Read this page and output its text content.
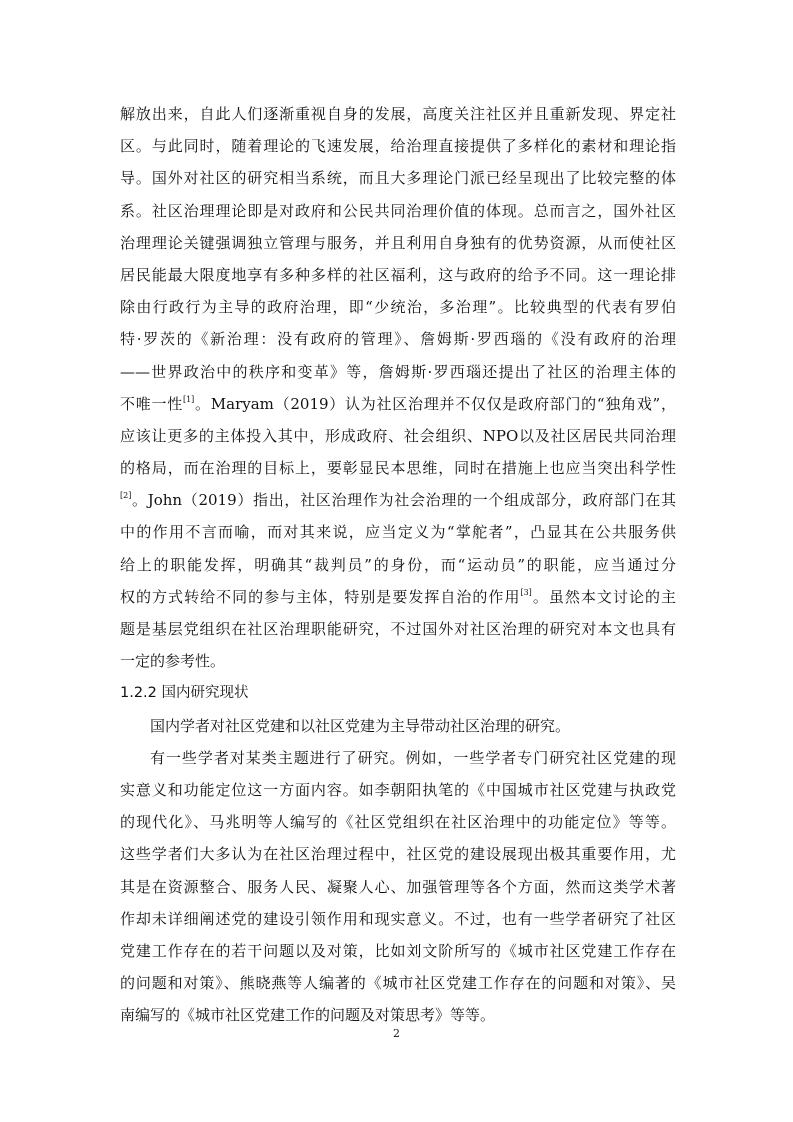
解放出来，自此人们逐渐重视自身的发展，高度关注社区并且重新发现、界定社
区。与此同时，随着理论的飞速发展，给治理直接提供了多样化的素材和理论指
导。国外对社区的研究相当系统，而且大多理论门派已经呈现出了比较完整的体
系。社区治理理论即是对政府和公民共同治理价值的体现。总而言之，国外社区
治理理论关键强调独立管理与服务，并且利用自身独有的优势资源，从而使社区
居民能最大限度地享有多种多样的社区福利，这与政府的给予不同。这一理论排
除由行政行为主导的政府治理，即“少统治，多治理”。比较典型的代表有罗伯
特·罗茨的《新治理：没有政府的管理》、詹姆斯·罗西瑙的《没有政府的治理
——世界政治中的秩序和变革》等，詹姆斯·罗西瑙还提出了社区的治理主体的
不唯一性[1]。Maryam（2019）认为社区治理并不仅仅是政府部门的“独角戏”，
应该让更多的主体投入其中，形成政府、社会组织、NPO以及社区居民共同治理
的格局，而在治理的目标上，要彰显民本思维，同时在措施上也应当突出科学性
[2]。John（2019）指出，社区治理作为社会治理的一个组成部分，政府部门在其
中的作用不言而喻，而对其来说，应当定义为“掌舵者”，凸显其在公共服务供
给上的职能发挥，明确其“裁判员”的身份，而“运动员”的职能，应当通过分
权的方式转给不同的参与主体，特别是要发挥自治的作用[3]。虽然本文讨论的主
题是基层党组织在社区治理职能研究，不过国外对社区治理的研究对本文也具有
一定的参考性。
1.2.2 国内研究现状
国内学者对社区党建和以社区党建为主导带动社区治理的研究。
有一些学者对某类主题进行了研究。例如，一些学者专门研究社区党建的现
实意义和功能定位这一方面内容。如李朝阳执笔的《中国城市社区党建与执政党
的现代化》、马兆明等人编写的《社区党组织在社区治理中的功能定位》等等。
这些学者们大多认为在社区治理过程中，社区党的建设展现出极其重要作用，尤
其是在资源整合、服务人民、凝聚人心、加强管理等各个方面，然而这类学术著
作却未详细阐述党的建设引领作用和现实意义。不过，也有一些学者研究了社区
党建工作存在的若干问题以及对策，比如刘文阶所写的《城市社区党建工作存在
的问题和对策》、熊晓燕等人编著的《城市社区党建工作存在的问题和对策》、吴
南编写的《城市社区党建工作的问题及对策思考》等等。
2
